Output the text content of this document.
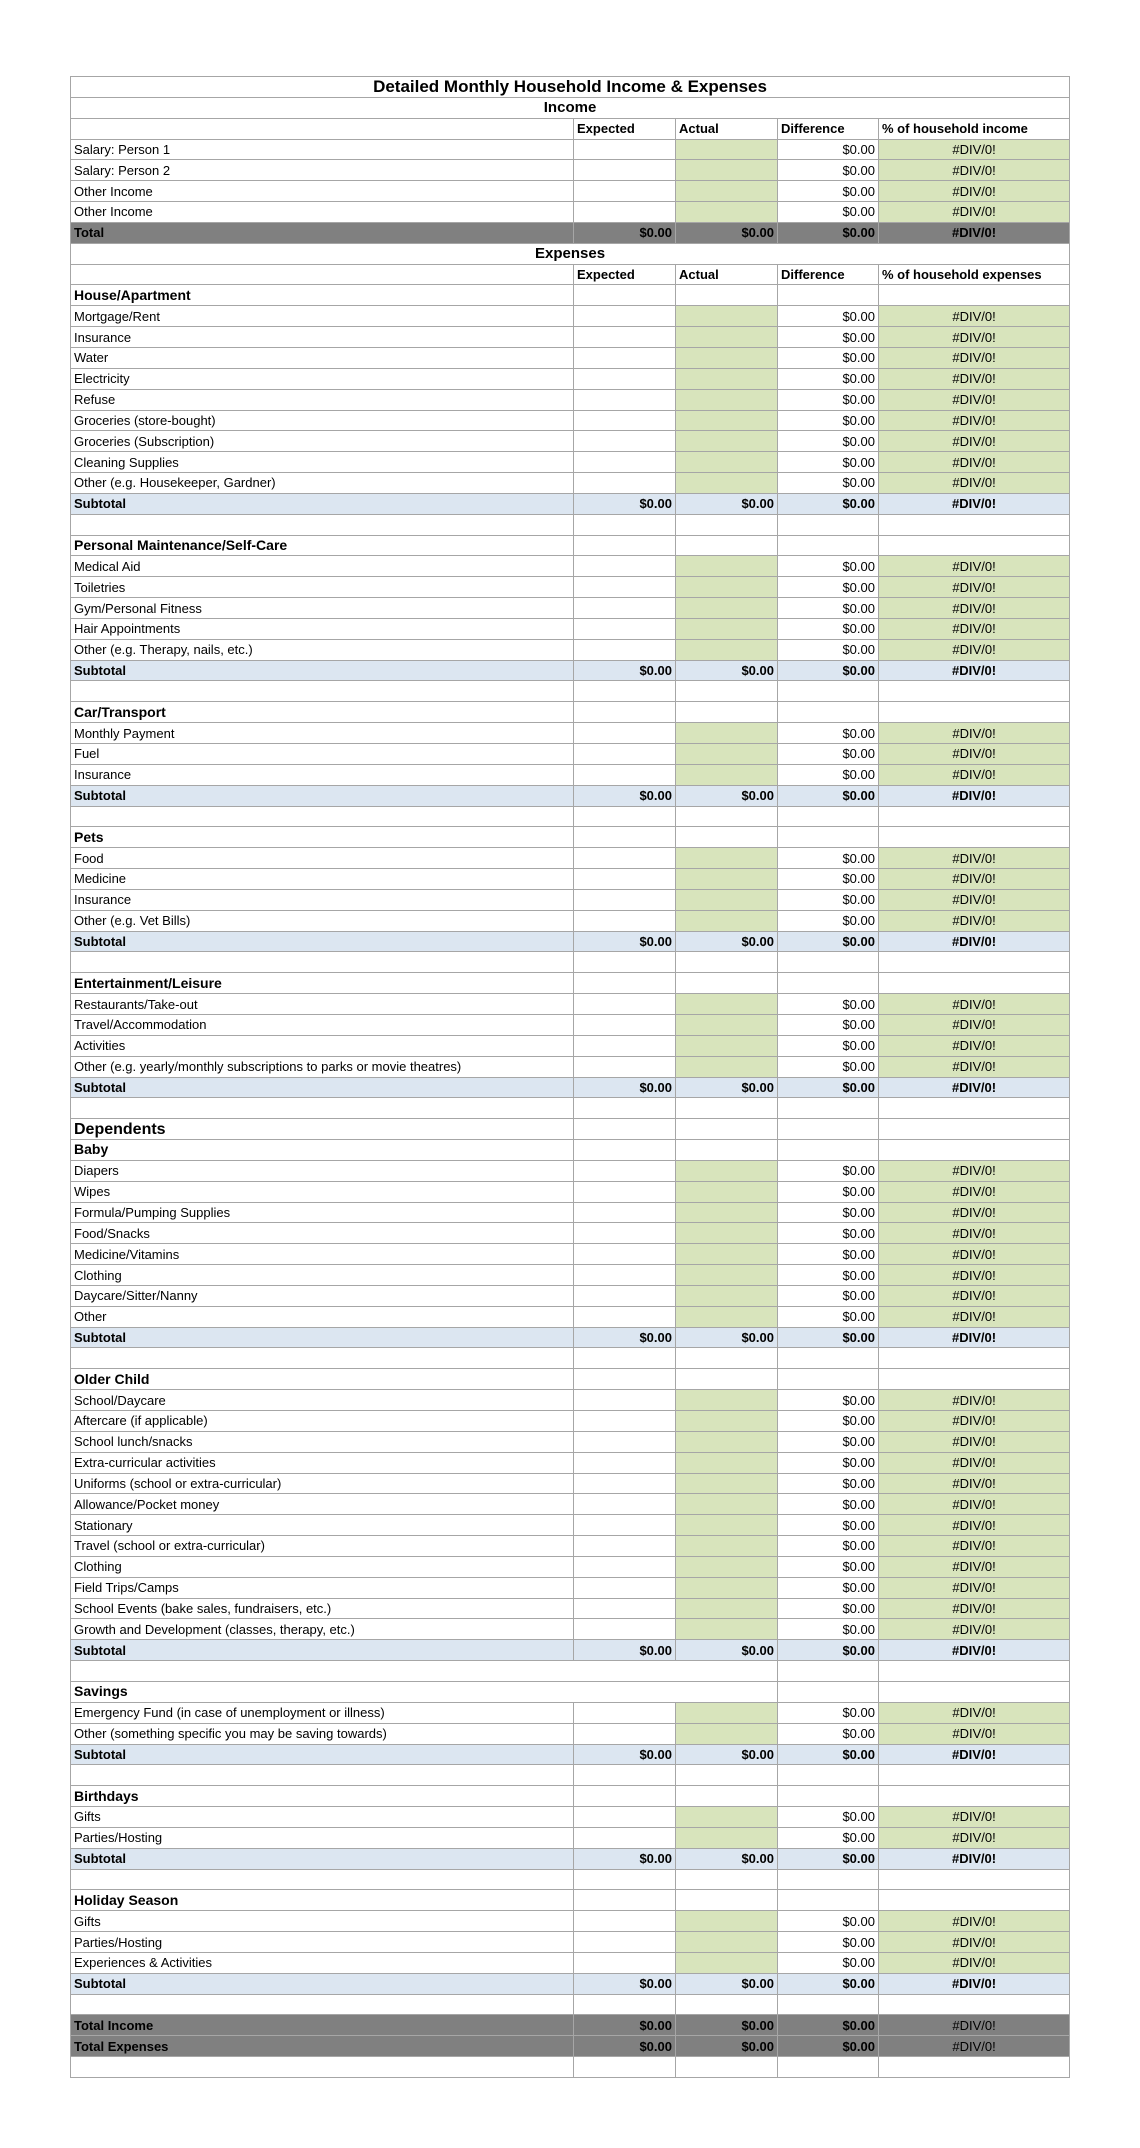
Detailed Monthly Household Income & Expenses				
Income				
	Expected	Actual	Difference	% of household income
Salary: Person 1			$0.00	#DIV/0!
Salary: Person 2			$0.00	#DIV/0!
Other Income			$0.00	#DIV/0!
Other Income			$0.00	#DIV/0!
Total	$0.00	$0.00	$0.00	#DIV/0!
Expenses				
	Expected	Actual	Difference	% of household expenses
House/Apartment				
Mortgage/Rent			$0.00	#DIV/0!
Insurance			$0.00	#DIV/0!
Water			$0.00	#DIV/0!
Electricity			$0.00	#DIV/0!
Refuse			$0.00	#DIV/0!
Groceries (store-bought)			$0.00	#DIV/0!
Groceries (Subscription)			$0.00	#DIV/0!
Cleaning Supplies			$0.00	#DIV/0!
Other (e.g. Housekeeper, Gardner)			$0.00	#DIV/0!
Subtotal	$0.00	$0.00	$0.00	#DIV/0!

Personal Maintenance/Self-Care				
Medical Aid			$0.00	#DIV/0!
Toiletries			$0.00	#DIV/0!
Gym/Personal Fitness			$0.00	#DIV/0!
Hair Appointments			$0.00	#DIV/0!
Other (e.g. Therapy, nails, etc.)			$0.00	#DIV/0!
Subtotal	$0.00	$0.00	$0.00	#DIV/0!

Car/Transport				
Monthly Payment			$0.00	#DIV/0!
Fuel			$0.00	#DIV/0!
Insurance			$0.00	#DIV/0!
Subtotal	$0.00	$0.00	$0.00	#DIV/0!

Pets				
Food			$0.00	#DIV/0!
Medicine			$0.00	#DIV/0!
Insurance			$0.00	#DIV/0!
Other (e.g. Vet Bills)			$0.00	#DIV/0!
Subtotal	$0.00	$0.00	$0.00	#DIV/0!

Entertainment/Leisure				
Restaurants/Take-out			$0.00	#DIV/0!
Travel/Accommodation			$0.00	#DIV/0!
Activities			$0.00	#DIV/0!
Other (e.g. yearly/monthly subscriptions to parks or movie theatres)			$0.00	#DIV/0!
Subtotal	$0.00	$0.00	$0.00	#DIV/0!

Dependents				
Baby				
Diapers			$0.00	#DIV/0!
Wipes			$0.00	#DIV/0!
Formula/Pumping Supplies			$0.00	#DIV/0!
Food/Snacks			$0.00	#DIV/0!
Medicine/Vitamins			$0.00	#DIV/0!
Clothing			$0.00	#DIV/0!
Daycare/Sitter/Nanny			$0.00	#DIV/0!
Other			$0.00	#DIV/0!
Subtotal	$0.00	$0.00	$0.00	#DIV/0!

Older Child				
School/Daycare			$0.00	#DIV/0!
Aftercare (if applicable)			$0.00	#DIV/0!
School lunch/snacks			$0.00	#DIV/0!
Extra-curricular activities			$0.00	#DIV/0!
Uniforms (school or extra-curricular)			$0.00	#DIV/0!
Allowance/Pocket money			$0.00	#DIV/0!
Stationary			$0.00	#DIV/0!
Travel (school or extra-curricular)			$0.00	#DIV/0!
Clothing			$0.00	#DIV/0!
Field Trips/Camps			$0.00	#DIV/0!
School Events (bake sales, fundraisers, etc.)			$0.00	#DIV/0!
Growth and Development (classes, therapy, etc.)			$0.00	#DIV/0!
Subtotal	$0.00	$0.00	$0.00	#DIV/0!

Savings				
Emergency Fund (in case of unemployment or illness)			$0.00	#DIV/0!
Other (something specific you may be saving towards)			$0.00	#DIV/0!
Subtotal	$0.00	$0.00	$0.00	#DIV/0!

Birthdays				
Gifts			$0.00	#DIV/0!
Parties/Hosting			$0.00	#DIV/0!
Subtotal	$0.00	$0.00	$0.00	#DIV/0!

Holiday Season				
Gifts			$0.00	#DIV/0!
Parties/Hosting			$0.00	#DIV/0!
Experiences & Activities			$0.00	#DIV/0!
Subtotal	$0.00	$0.00	$0.00	#DIV/0!

Total Income	$0.00	$0.00	$0.00	#DIV/0!
Total Expenses	$0.00	$0.00	$0.00	#DIV/0!
